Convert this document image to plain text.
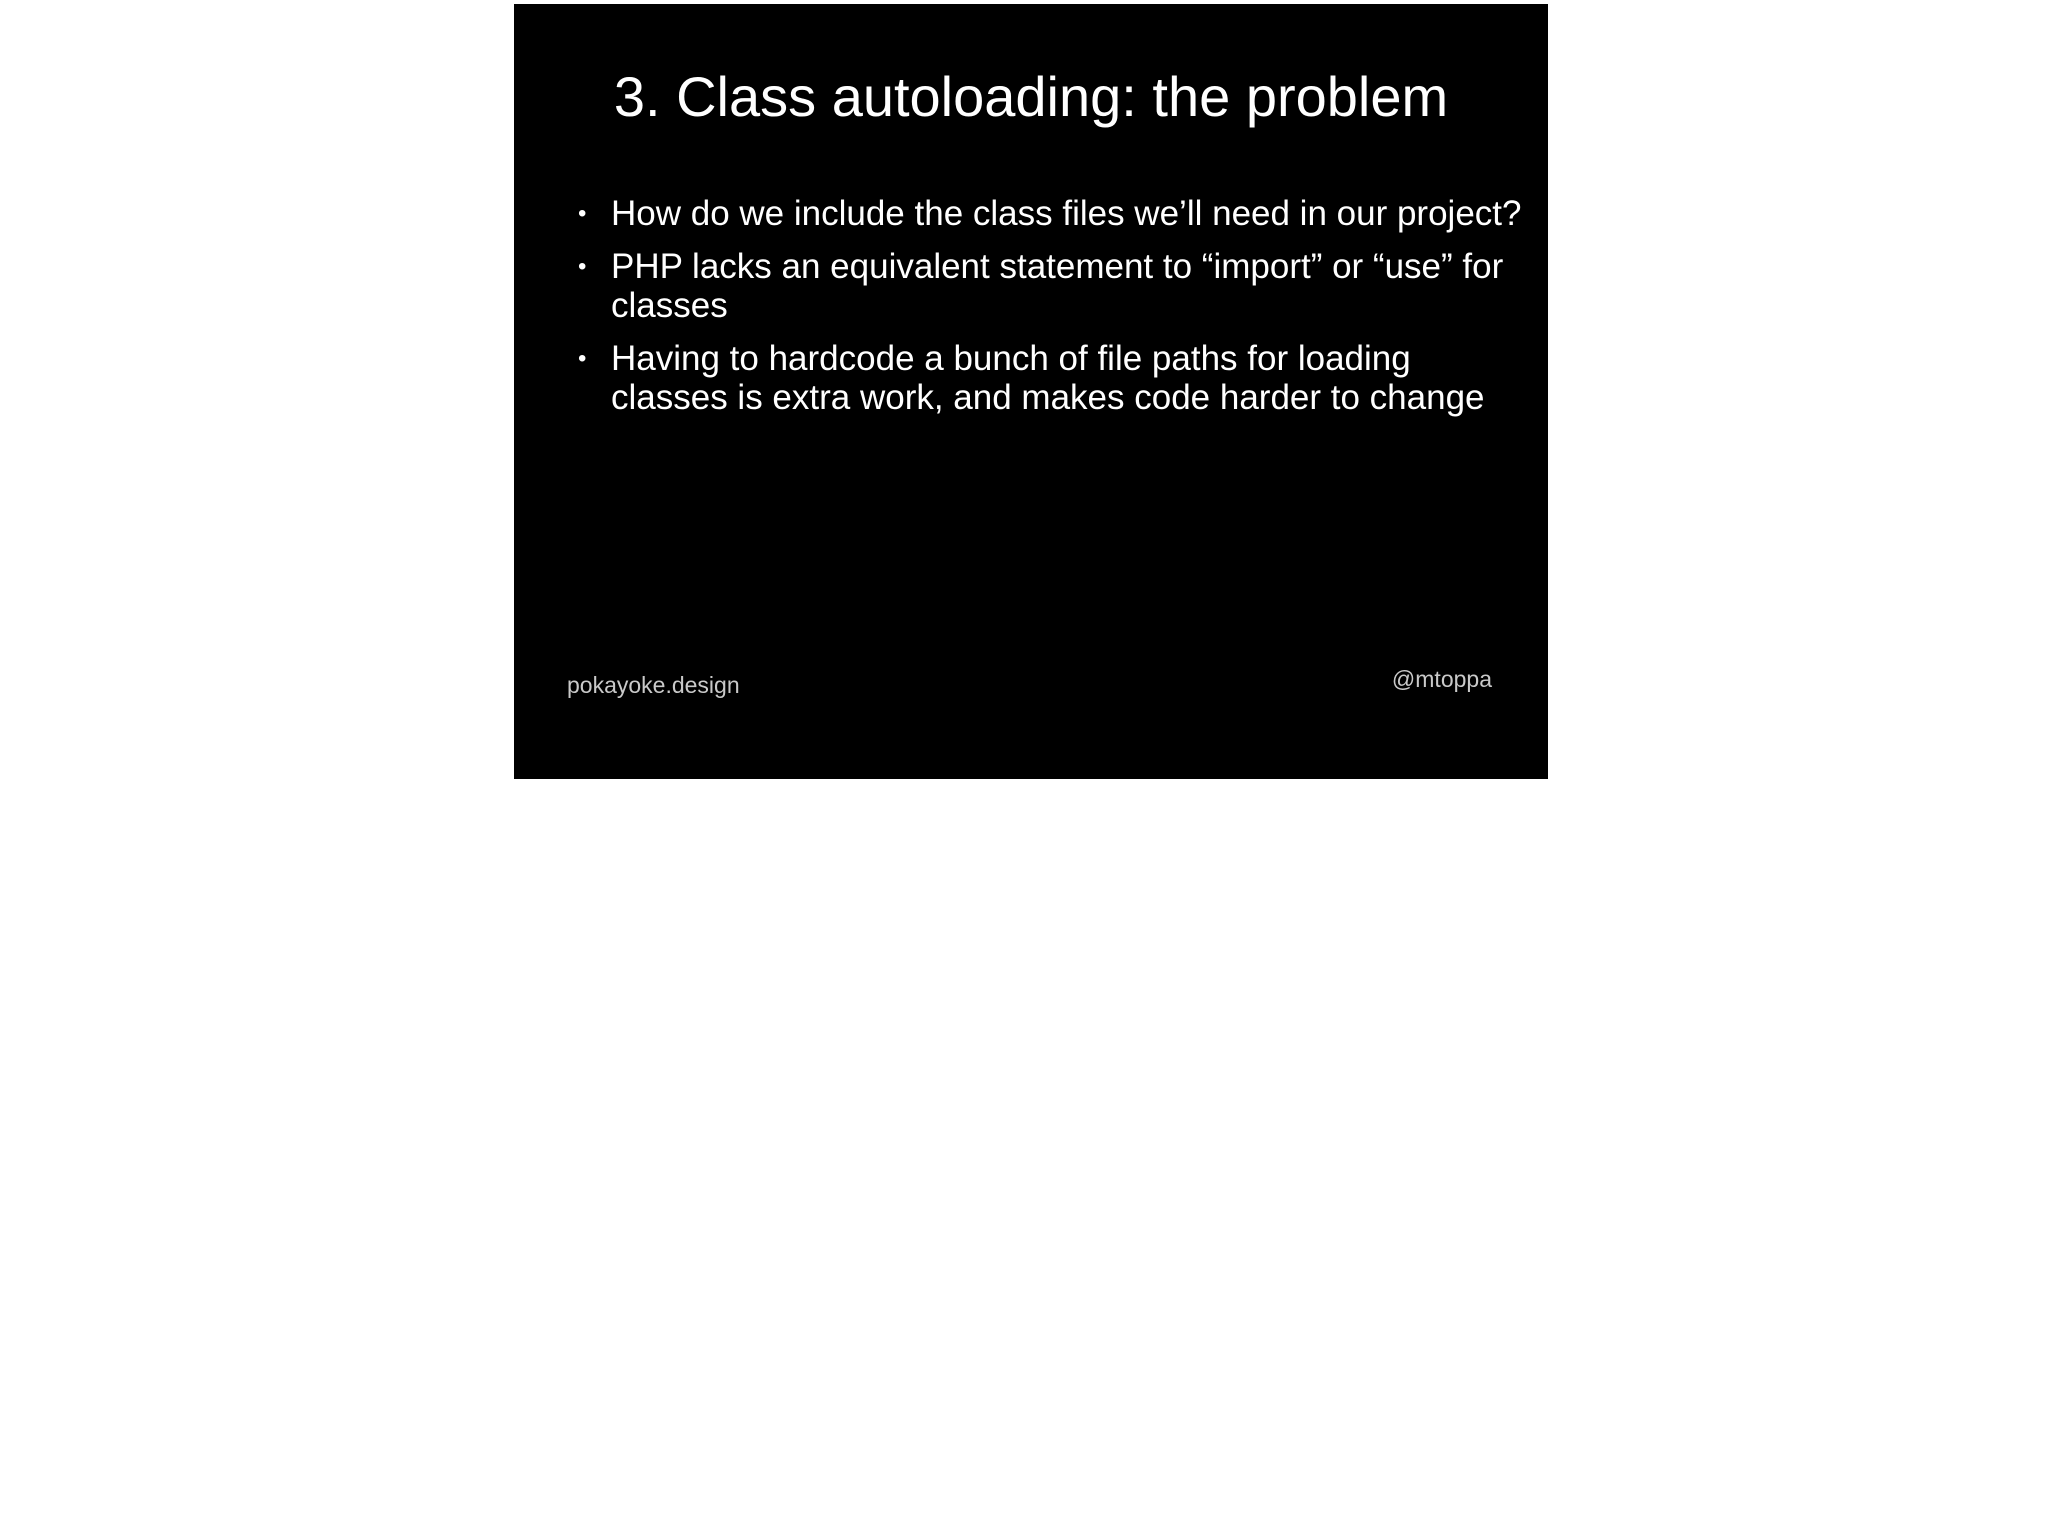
3. Class autoloading: the problem
• How do we include the class files we’ll need in our project?
• PHP lacks an equivalent statement to “import” or “use” for classes
• Having to hardcode a bunch of file paths for loading classes is extra work, and makes code harder to change
pokayoke.design	@mtoppa
